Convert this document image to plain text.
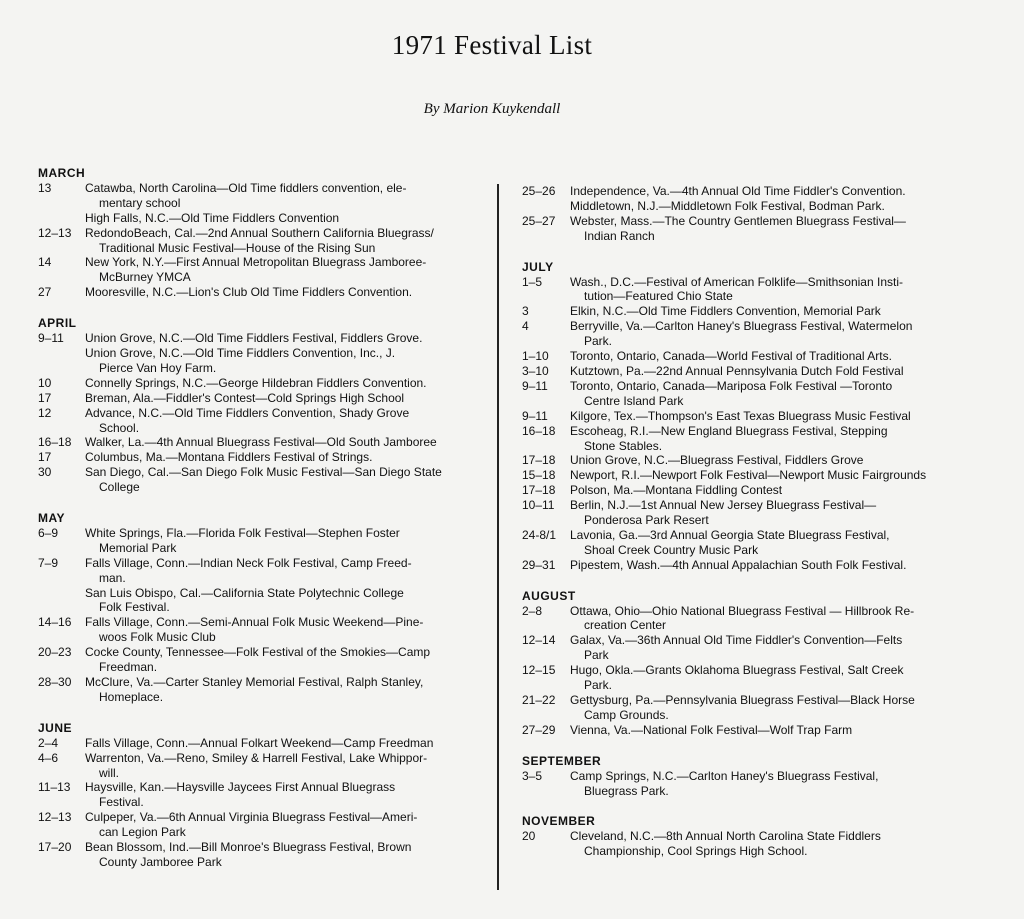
1971 Festival List
By Marion Kuykendall
MARCH
13	Catawba, North Carolina—Old Time fiddlers convention, ele-
mentary school
High Falls, N.C.—Old Time Fiddlers Convention
12–13	RedondoBeach, Cal.—2nd Annual Southern California Bluegrass/
Traditional Music Festival—House of the Rising Sun
14	New York, N.Y.—First Annual Metropolitan Bluegrass Jamboree-
McBurney YMCA
27	Mooresville, N.C.—Lion's Club Old Time Fiddlers Convention.
APRIL
9–11	Union Grove, N.C.—Old Time Fiddlers Festival, Fiddlers Grove.
Union Grove, N.C.—Old Time Fiddlers Convention, Inc., J.
Pierce Van Hoy Farm.
10	Connelly Springs, N.C.—George Hildebran Fiddlers Convention.
17	Breman, Ala.—Fiddler's Contest—Cold Springs High School
12	Advance, N.C.—Old Time Fiddlers Convention, Shady Grove
School.
16–18	Walker, La.—4th Annual Bluegrass Festival—Old South Jamboree
17	Columbus, Ma.—Montana Fiddlers Festival of Strings.
30	San Diego, Cal.—San Diego Folk Music Festival—San Diego State
College
MAY
6–9	White Springs, Fla.—Florida Folk Festival—Stephen Foster
Memorial Park
7–9	Falls Village, Conn.—Indian Neck Folk Festival, Camp Freed-
man.
San Luis Obispo, Cal.—California State Polytechnic College
Folk Festival.
14–16	Falls Village, Conn.—Semi-Annual Folk Music Weekend—Pine-
woos Folk Music Club
20–23	Cocke County, Tennessee—Folk Festival of the Smokies—Camp
Freedman.
28–30	McClure, Va.—Carter Stanley Memorial Festival, Ralph Stanley,
Homeplace.
JUNE
2–4	Falls Village, Conn.—Annual Folkart Weekend—Camp Freedman
4–6	Warrenton, Va.—Reno, Smiley & Harrell Festival, Lake Whippor-
will.
11–13	Haysville, Kan.—Haysville Jaycees First Annual Bluegrass
Festival.
12–13	Culpeper, Va.—6th Annual Virginia Bluegrass Festival—Ameri-
can Legion Park
17–20	Bean Blossom, Ind.—Bill Monroe's Bluegrass Festival, Brown
County Jamboree Park
25–26	Independence, Va.—4th Annual Old Time Fiddler's Convention.
Middletown, N.J.—Middletown Folk Festival, Bodman Park.
25–27	Webster, Mass.—The Country Gentlemen Bluegrass Festival—
Indian Ranch
JULY
1–5	Wash., D.C.—Festival of American Folklife—Smithsonian Insti-
tution—Featured Chio State
3	Elkin, N.C.—Old Time Fiddlers Convention, Memorial Park
4	Berryville, Va.—Carlton Haney's Bluegrass Festival, Watermelon
Park.
1–10	Toronto, Ontario, Canada—World Festival of Traditional Arts.
3–10	Kutztown, Pa.—22nd Annual Pennsylvania Dutch Fold Festival
9–11	Toronto, Ontario, Canada—Mariposa Folk Festival —Toronto
Centre Island Park
9–11	Kilgore, Tex.—Thompson's East Texas Bluegrass Music Festival
16–18	Escoheag, R.I.—New England Bluegrass Festival, Stepping
Stone Stables.
17–18	Union Grove, N.C.—Bluegrass Festival, Fiddlers Grove
15–18	Newport, R.I.—Newport Folk Festival—Newport Music Fairgrounds
17–18	Polson, Ma.—Montana Fiddling Contest
10–11	Berlin, N.J.—1st Annual New Jersey Bluegrass Festival—
Ponderosa Park Resert
24-8/1	Lavonia, Ga.—3rd Annual Georgia State Bluegrass Festival,
Shoal Creek Country Music Park
29–31	Pipestem, Wash.—4th Annual Appalachian South Folk Festival.
AUGUST
2–8	Ottawa, Ohio—Ohio National Bluegrass Festival — Hillbrook Re-
creation Center
12–14	Galax, Va.—36th Annual Old Time Fiddler's Convention—Felts
Park
12–15	Hugo, Okla.—Grants Oklahoma Bluegrass Festival, Salt Creek
Park.
21–22	Gettysburg, Pa.—Pennsylvania Bluegrass Festival—Black Horse
Camp Grounds.
27–29	Vienna, Va.—National Folk Festival—Wolf Trap Farm
SEPTEMBER
3–5	Camp Springs, N.C.—Carlton Haney's Bluegrass Festival,
Bluegrass Park.
NOVEMBER
20	Cleveland, N.C.—8th Annual North Carolina State Fiddlers
Championship, Cool Springs High School.
